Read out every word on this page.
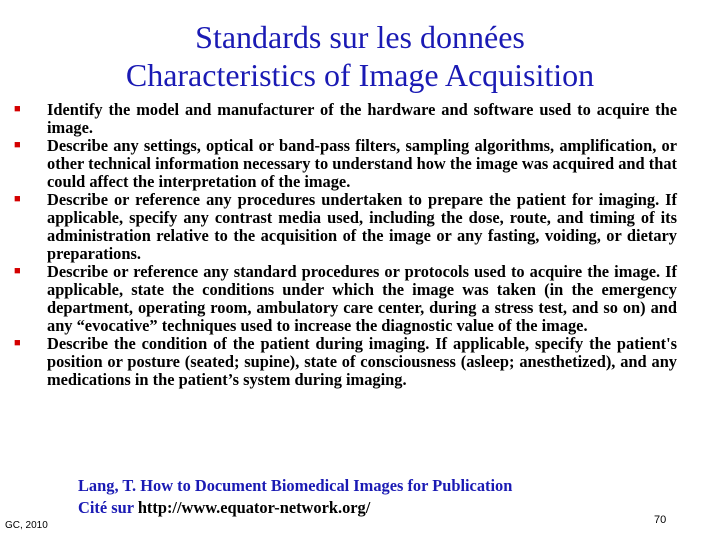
Standards sur les données
Characteristics of Image Acquisition
■ Identify the model and manufacturer of the hardware and software used to acquire the image.
■ Describe any settings, optical or band-pass filters, sampling algorithms, amplification, or other technical information necessary to understand how the image was acquired and that could affect the interpretation of the image.
■ Describe or reference any procedures undertaken to prepare the patient for imaging. If applicable, specify any contrast media used, including the dose, route, and timing of its administration relative to the acquisition of the image or any fasting, voiding, or dietary preparations.
■ Describe or reference any standard procedures or protocols used to acquire the image. If applicable, state the conditions under which the image was taken (in the emergency department, operating room, ambulatory care center, during a stress test, and so on) and any “evocative” techniques used to increase the diagnostic value of the image.
■ Describe the condition of the patient during imaging. If applicable, specify the patient's position or posture (seated; supine), state of consciousness (asleep; anesthetized), and any medications in the patient’s system during imaging.

Lang, T. How to Document Biomedical Images for Publication

Cité sur http://www.equator-network.org/

GC, 2010	70
